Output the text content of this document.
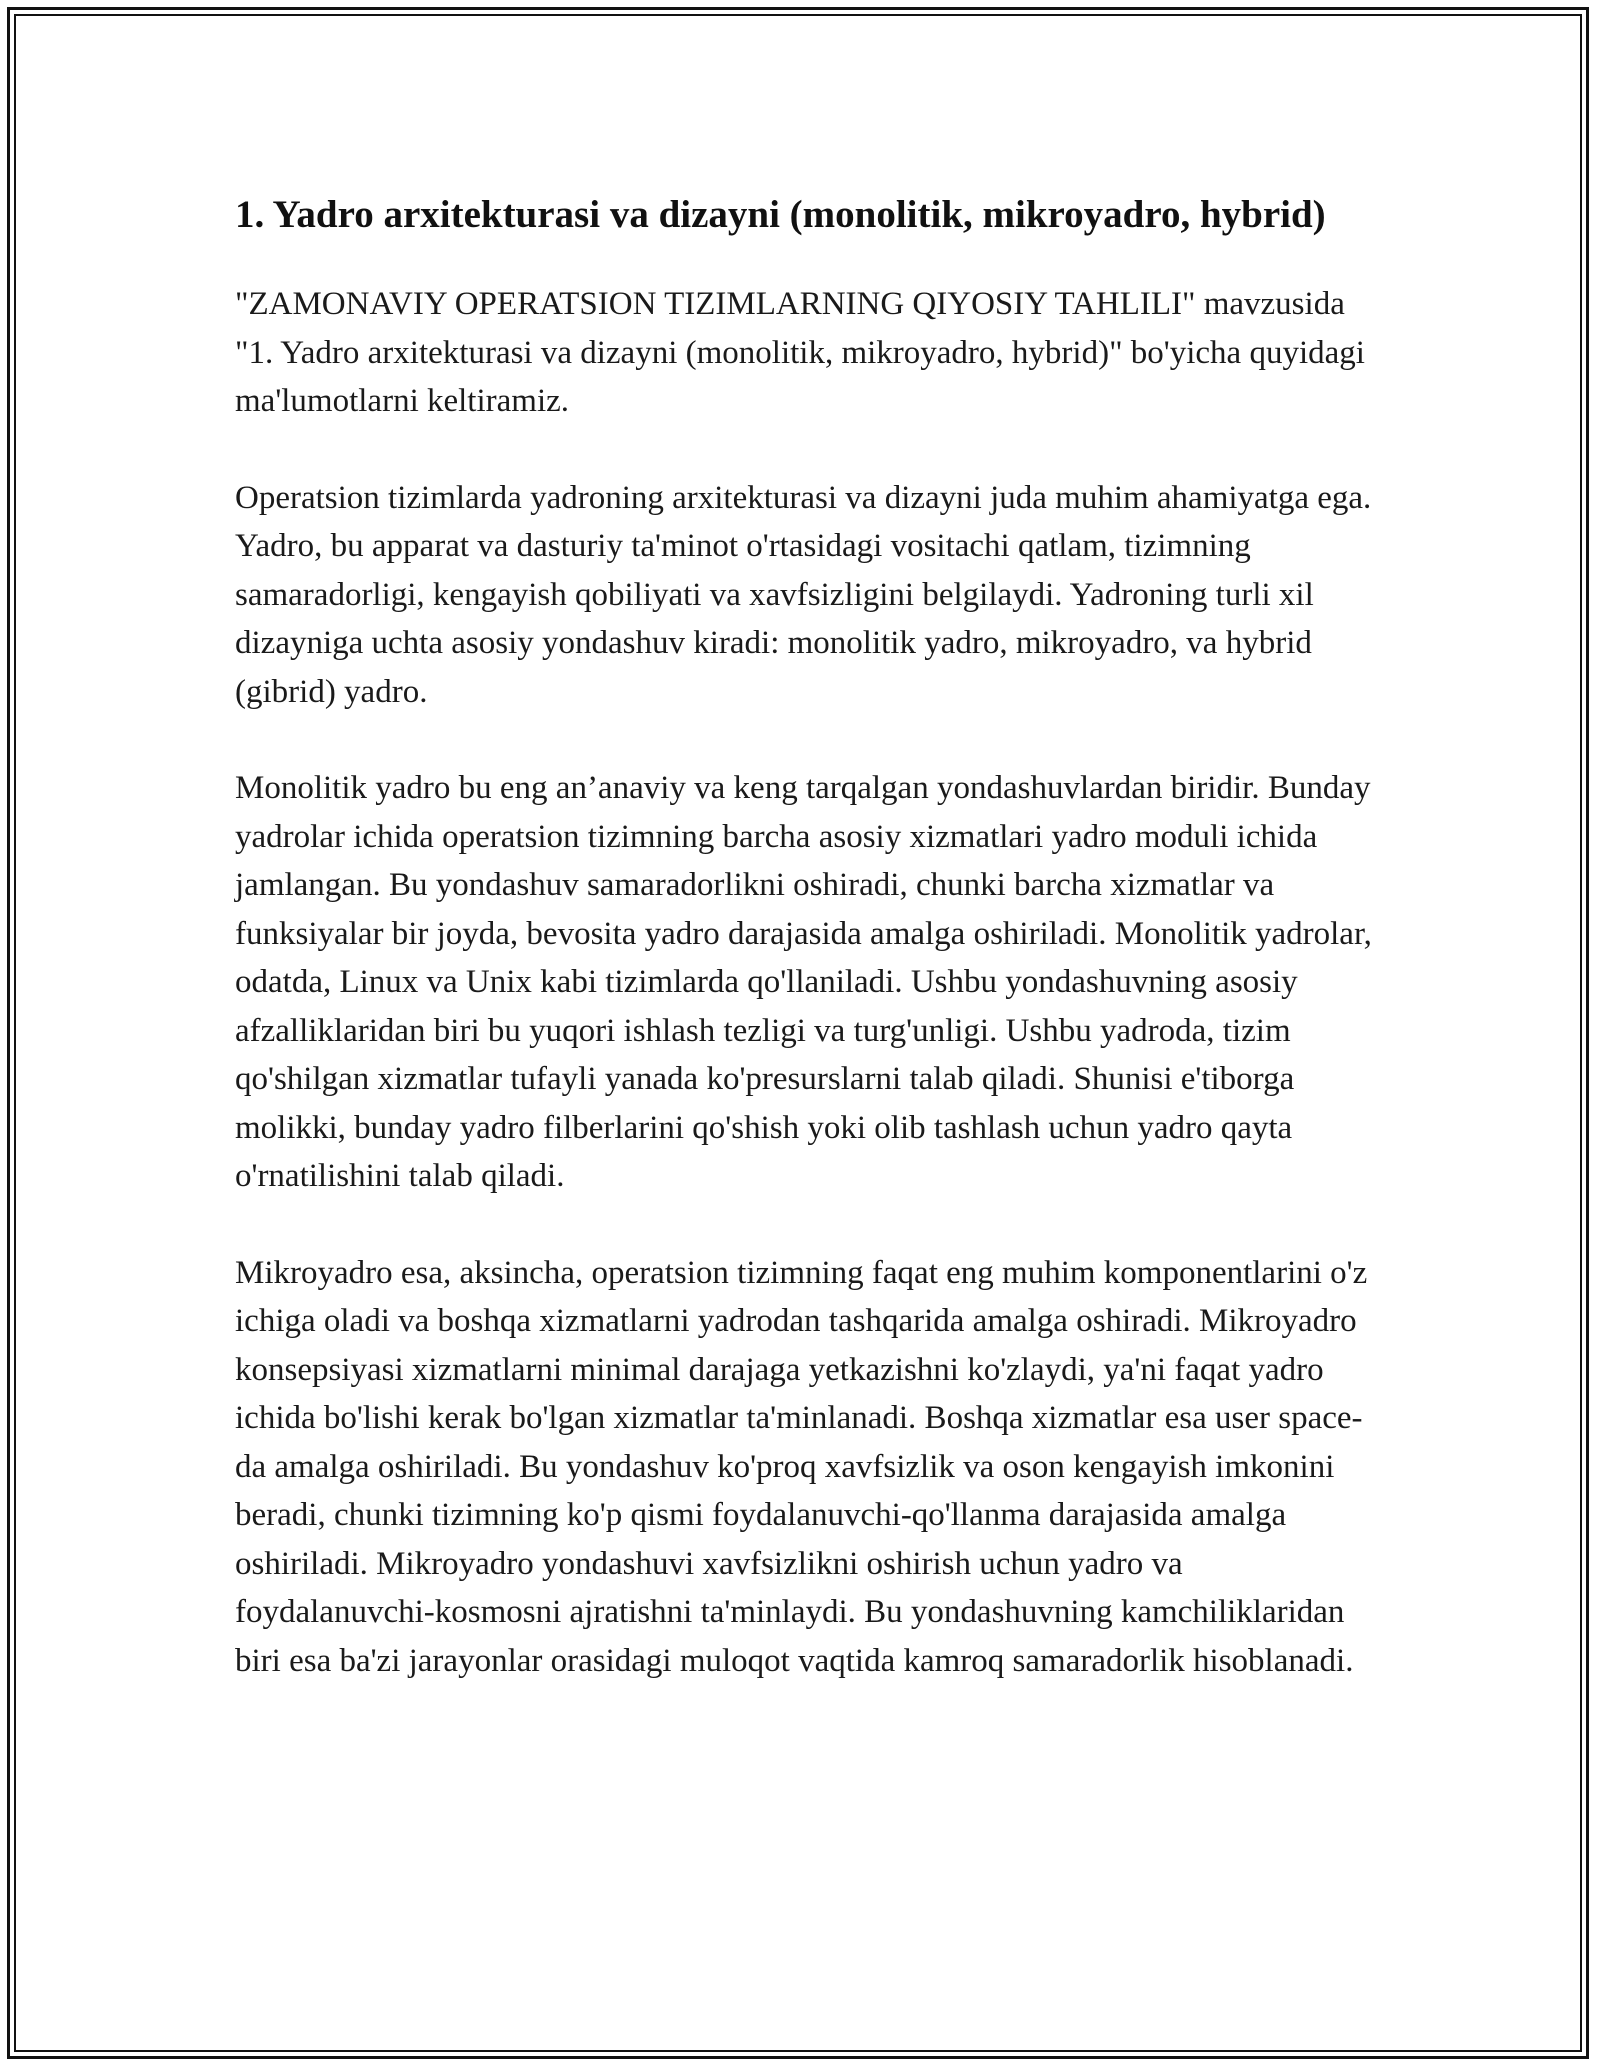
1. Yadro arxitekturasi va dizayni (monolitik, mikroyadro, hybrid)

"ZAMONAVIY OPERATSION TIZIMLARNING QIYOSIY TAHLILI" mavzusida "1. Yadro arxitekturasi va dizayni (monolitik, mikroyadro, hybrid)" bo'yicha quyidagi ma'lumotlarni keltiramiz.

Operatsion tizimlarda yadroning arxitekturasi va dizayni juda muhim ahamiyatga ega. Yadro, bu apparat va dasturiy ta'minot o'rtasidagi vositachi qatlam, tizimning samaradorligi, kengayish qobiliyati va xavfsizligini belgilaydi. Yadroning turli xil dizayniga uchta asosiy yondashuv kiradi: monolitik yadro, mikroyadro, va hybrid (gibrid) yadro.

Monolitik yadro bu eng an’anaviy va keng tarqalgan yondashuvlardan biridir. Bunday yadrolar ichida operatsion tizimning barcha asosiy xizmatlari yadro moduli ichida jamlangan. Bu yondashuv samaradorlikni oshiradi, chunki barcha xizmatlar va funksiyalar bir joyda, bevosita yadro darajasida amalga oshiriladi. Monolitik yadrolar, odatda, Linux va Unix kabi tizimlarda qo'llaniladi. Ushbu yondashuvning asosiy afzalliklaridan biri bu yuqori ishlash tezligi va turg'unligi. Ushbu yadroda, tizim qo'shilgan xizmatlar tufayli yanada ko'presurslarni talab qiladi. Shunisi e'tiborga molikki, bunday yadro filberlarini qo'shish yoki olib tashlash uchun yadro qayta o'rnatilishini talab qiladi.

Mikroyadro esa, aksincha, operatsion tizimning faqat eng muhim komponentlarini o'z ichiga oladi va boshqa xizmatlarni yadrodan tashqarida amalga oshiradi. Mikroyadro konsepsiyasi xizmatlarni minimal darajaga yetkazishni ko'zlaydi, ya'ni faqat yadro ichida bo'lishi kerak bo'lgan xizmatlar ta'minlanadi. Boshqa xizmatlar esa user space-da amalga oshiriladi. Bu yondashuv ko'proq xavfsizlik va oson kengayish imkonini beradi, chunki tizimning ko'p qismi foydalanuvchi-qo'llanma darajasida amalga oshiriladi. Mikroyadro yondashuvi xavfsizlikni oshirish uchun yadro va foydalanuvchi-kosmosni ajratishni ta'minlaydi. Bu yondashuvning kamchiliklaridan biri esa ba'zi jarayonlar orasidagi muloqot vaqtida kamroq samaradorlik hisoblanadi.
